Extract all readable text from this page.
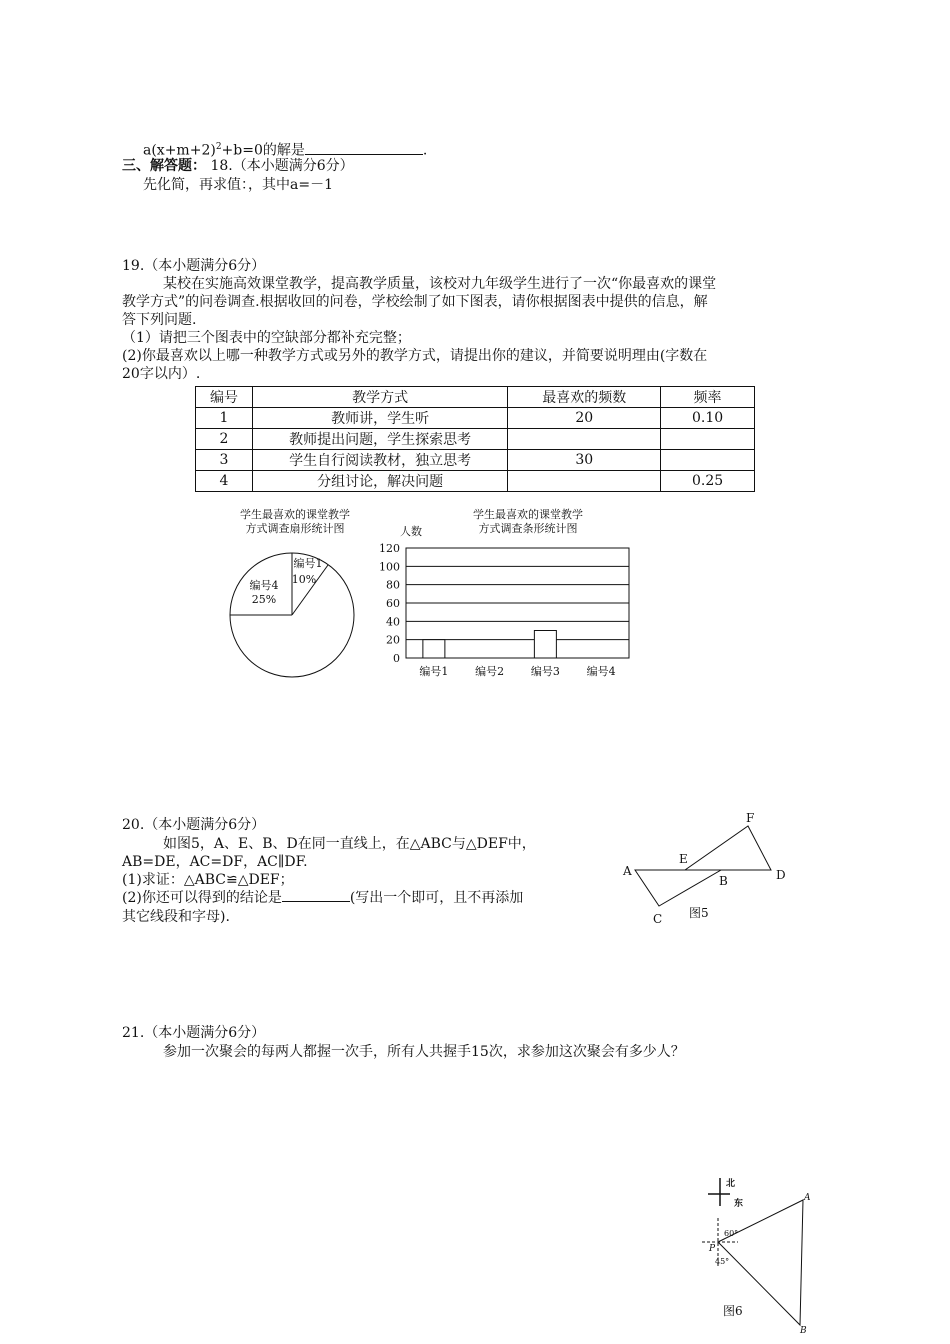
$a(x+m+2)^2+b=0$的解是	.
三、解答题： 18.（本小题满分6分）
先化简，再求值：，其中a=－1
19.（本小题满分6分）
某校在实施高效课堂教学，提高教学质量，该校对九年级学生进行了一次“你最喜欢的课堂
教学方式”的问卷调查.根据收回的问卷，学校绘制了如下图表，请你根据图表中提供的信息，解
答下列问题.
（1）请把三个图表中的空缺部分都补充完整；
(2)你最喜欢以上哪一种教学方式或另外的教学方式，请提出你的建议，并简要说明理由(字数在
20字以内）.
编号	教学方式	最喜欢的频数	频率
1	教师讲，学生听	20	0.10
2	教师提出问题，学生探索思考		
3	学生自行阅读教材，独立思考	30	
4	分组讨论，解决问题		0.25
学生最喜欢的课堂教学
方式调查扇形统计图
编号4
25%
编号1
10%
学生最喜欢的课堂教学
方式调查条形统计图
人数
0
20
40
60
80
100
120
编号1 编号2 编号3 编号4
20.（本小题满分6分）
如图5，A、E、B、D在同一直线上，在△ABC与△DEF中，
AB=DE，AC=DF，AC∥DF.
(1)求证：△ABC≌△DEF；
(2)你还可以得到的结论是	(写出一个即可，且不再添加
其它线段和字母).
A
E
B	D
F
C 图5
21.（本小题满分6分）
参加一次聚会的每两人都握一次手，所有人共握手15次，求参加这次聚会有多少人？
北
东
A
B
P
60°
45°
图6
